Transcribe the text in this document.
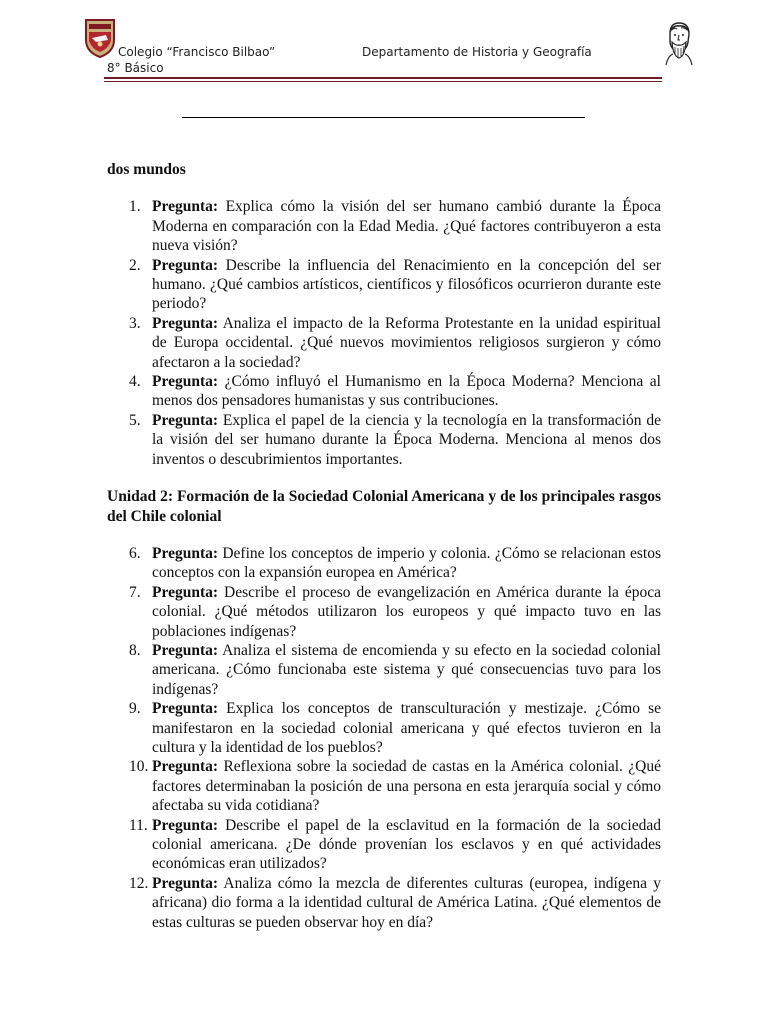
Colegio “Francisco Bilbao”
8° Básico
Departamento de Historia y Geografía

dos mundos

1. Pregunta: Explica cómo la visión del ser humano cambió durante la Época Moderna en comparación con la Edad Media. ¿Qué factores contribuyeron a esta nueva visión?
2. Pregunta: Describe la influencia del Renacimiento en la concepción del ser humano. ¿Qué cambios artísticos, científicos y filosóficos ocurrieron durante este periodo?
3. Pregunta: Analiza el impacto de la Reforma Protestante en la unidad espiritual de Europa occidental. ¿Qué nuevos movimientos religiosos surgieron y cómo afectaron a la sociedad?
4. Pregunta: ¿Cómo influyó el Humanismo en la Época Moderna? Menciona al menos dos pensadores humanistas y sus contribuciones.
5. Pregunta: Explica el papel de la ciencia y la tecnología en la transformación de la visión del ser humano durante la Época Moderna. Menciona al menos dos inventos o descubrimientos importantes.

Unidad 2: Formación de la Sociedad Colonial Americana y de los principales rasgos del Chile colonial

6. Pregunta: Define los conceptos de imperio y colonia. ¿Cómo se relacionan estos conceptos con la expansión europea en América?
7. Pregunta: Describe el proceso de evangelización en América durante la época colonial. ¿Qué métodos utilizaron los europeos y qué impacto tuvo en las poblaciones indígenas?
8. Pregunta: Analiza el sistema de encomienda y su efecto en la sociedad colonial americana. ¿Cómo funcionaba este sistema y qué consecuencias tuvo para los indígenas?
9. Pregunta: Explica los conceptos de transculturación y mestizaje. ¿Cómo se manifestaron en la sociedad colonial americana y qué efectos tuvieron en la cultura y la identidad de los pueblos?
10. Pregunta: Reflexiona sobre la sociedad de castas en la América colonial. ¿Qué factores determinaban la posición de una persona en esta jerarquía social y cómo afectaba su vida cotidiana?
11. Pregunta: Describe el papel de la esclavitud en la formación de la sociedad colonial americana. ¿De dónde provenían los esclavos y en qué actividades económicas eran utilizados?
12. Pregunta: Analiza cómo la mezcla de diferentes culturas (europea, indígena y africana) dio forma a la identidad cultural de América Latina. ¿Qué elementos de estas culturas se pueden observar hoy en día?
